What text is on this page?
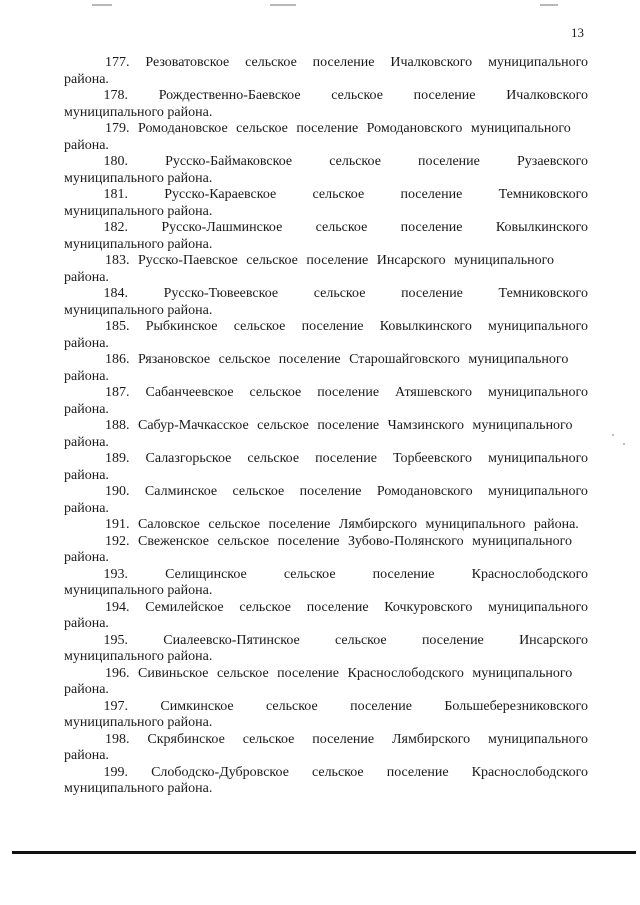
13
177. Резоватовское сельское поселение Ичалковского муниципального
района.
178. Рождественно-Баевское сельское поселение Ичалковского
муниципального района.
179.
Ромодановское сельское поселение Ромодановского муниципального
района.
180.	Русско-Баймаковское	сельское	поселение	Рузаевского
муниципального района.
181.	Русско-Караевское	сельское	поселение	Темниковского
муниципального района.
182. Русско-Лашминское сельское поселение Ковылкинского
муниципального района.
183.
Русско-Паевское сельское поселение Инсарского муниципального
района.
184.	Русско-Тювеевское	сельское	поселение	Темниковского
муниципального района.
185. Рыбкинское сельское поселение Ковылкинского муниципального
района.
186.
Рязановское сельское поселение Старошайговского муниципального
района.
187. Сабанчеевское сельское поселение Атяшевского муниципального
района.
188.
Сабур-Мачкасское сельское поселение Чамзинского муниципального
района.
189. Салазгорьское сельское поселение Торбеевского муниципального
района.
190. Салминское сельское поселение Ромодановского муниципального
района.
191.
Саловское сельское поселение Лямбирского муниципального района.
192.
Свеженское сельское поселение Зубово-Полянского муниципального
района.
193.	Селищинское	сельское	поселение	Краснослободского
муниципального района.
194. Семилейское сельское поселение Кочкуровского муниципального
района.
195.	Сиалеевско-Пятинское	сельское	поселение	Инсарского
муниципального района.
196.
Сивиньское сельское поселение Краснослободского муниципального
района.
197. Симкинское сельское поселение Большеберезниковского
муниципального района.
198. Скрябинское сельское поселение Лямбирского муниципального
района.
199. Слободско-Дубровское сельское поселение Краснослободского
муниципального района.
